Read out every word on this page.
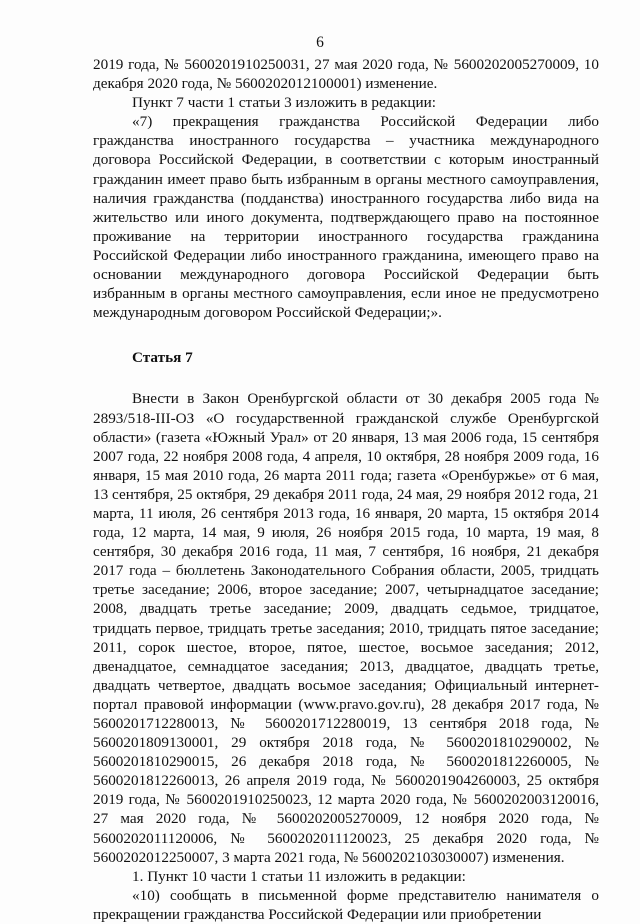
6

2019 года, № 5600201910250031, 27 мая 2020 года, № 5600202005270009, 10 декабря 2020 года, № 5600202012100001) изменение.

Пункт 7 части 1 статьи 3 изложить в редакции:

«7) прекращения гражданства Российской Федерации либо гражданства иностранного государства – участника международного договора Российской Федерации, в соответствии с которым иностранный гражданин имеет право быть избранным в органы местного самоуправления, наличия гражданства (подданства) иностранного государства либо вида на жительство или иного документа, подтверждающего право на постоянное проживание на территории иностранного государства гражданина Российской Федерации либо иностранного гражданина, имеющего право на основании международного договора Российской Федерации быть избранным в органы местного самоуправления, если иное не предусмотрено международным договором Российской Федерации;».

Статья 7

Внести в Закон Оренбургской области от 30 декабря 2005 года № 2893/518-III-ОЗ «О государственной гражданской службе Оренбургской области» (газета «Южный Урал» от 20 января, 13 мая 2006 года, 15 сентября 2007 года, 22 ноября 2008 года, 4 апреля, 10 октября, 28 ноября 2009 года, 16 января, 15 мая 2010 года, 26 марта 2011 года; газета «Оренбуржье» от 6 мая, 13 сентября, 25 октября, 29 декабря 2011 года, 24 мая, 29 ноября 2012 года, 21 марта, 11 июля, 26 сентября 2013 года, 16 января, 20 марта, 15 октября 2014 года, 12 марта, 14 мая, 9 июля, 26 ноября 2015 года, 10 марта, 19 мая, 8 сентября, 30 декабря 2016 года, 11 мая, 7 сентября, 16 ноября, 21 декабря 2017 года – бюллетень Законодательного Собрания области, 2005, тридцать третье заседание; 2006, второе заседание; 2007, четырнадцатое заседание; 2008, двадцать третье заседание; 2009, двадцать седьмое, тридцатое, тридцать первое, тридцать третье заседания; 2010, тридцать пятое заседание; 2011, сорок шестое, второе, пятое, шестое, восьмое заседания; 2012, двенадцатое, семнадцатое заседания; 2013, двадцатое, двадцать третье, двадцать четвертое, двадцать восьмое заседания; Официальный интернет-портал правовой информации (www.pravo.gov.ru), 28 декабря 2017 года, № 5600201712280013, № 5600201712280019, 13 сентября 2018 года, № 5600201809130001, 29 октября 2018 года, № 5600201810290002, № 5600201810290015, 26 декабря 2018 года, № 5600201812260005, № 5600201812260013, 26 апреля 2019 года, № 5600201904260003, 25 октября 2019 года, № 5600201910250023, 12 марта 2020 года, № 5600202003120016, 27 мая 2020 года, № 5600202005270009, 12 ноября 2020 года, № 5600202011120006, № 5600202011120023, 25 декабря 2020 года, № 5600202012250007, 3 марта 2021 года, № 5600202103030007) изменения.

1. Пункт 10 части 1 статьи 11 изложить в редакции:

«10) сообщать в письменной форме представителю нанимателя о прекращении гражданства Российской Федерации или приобретении
